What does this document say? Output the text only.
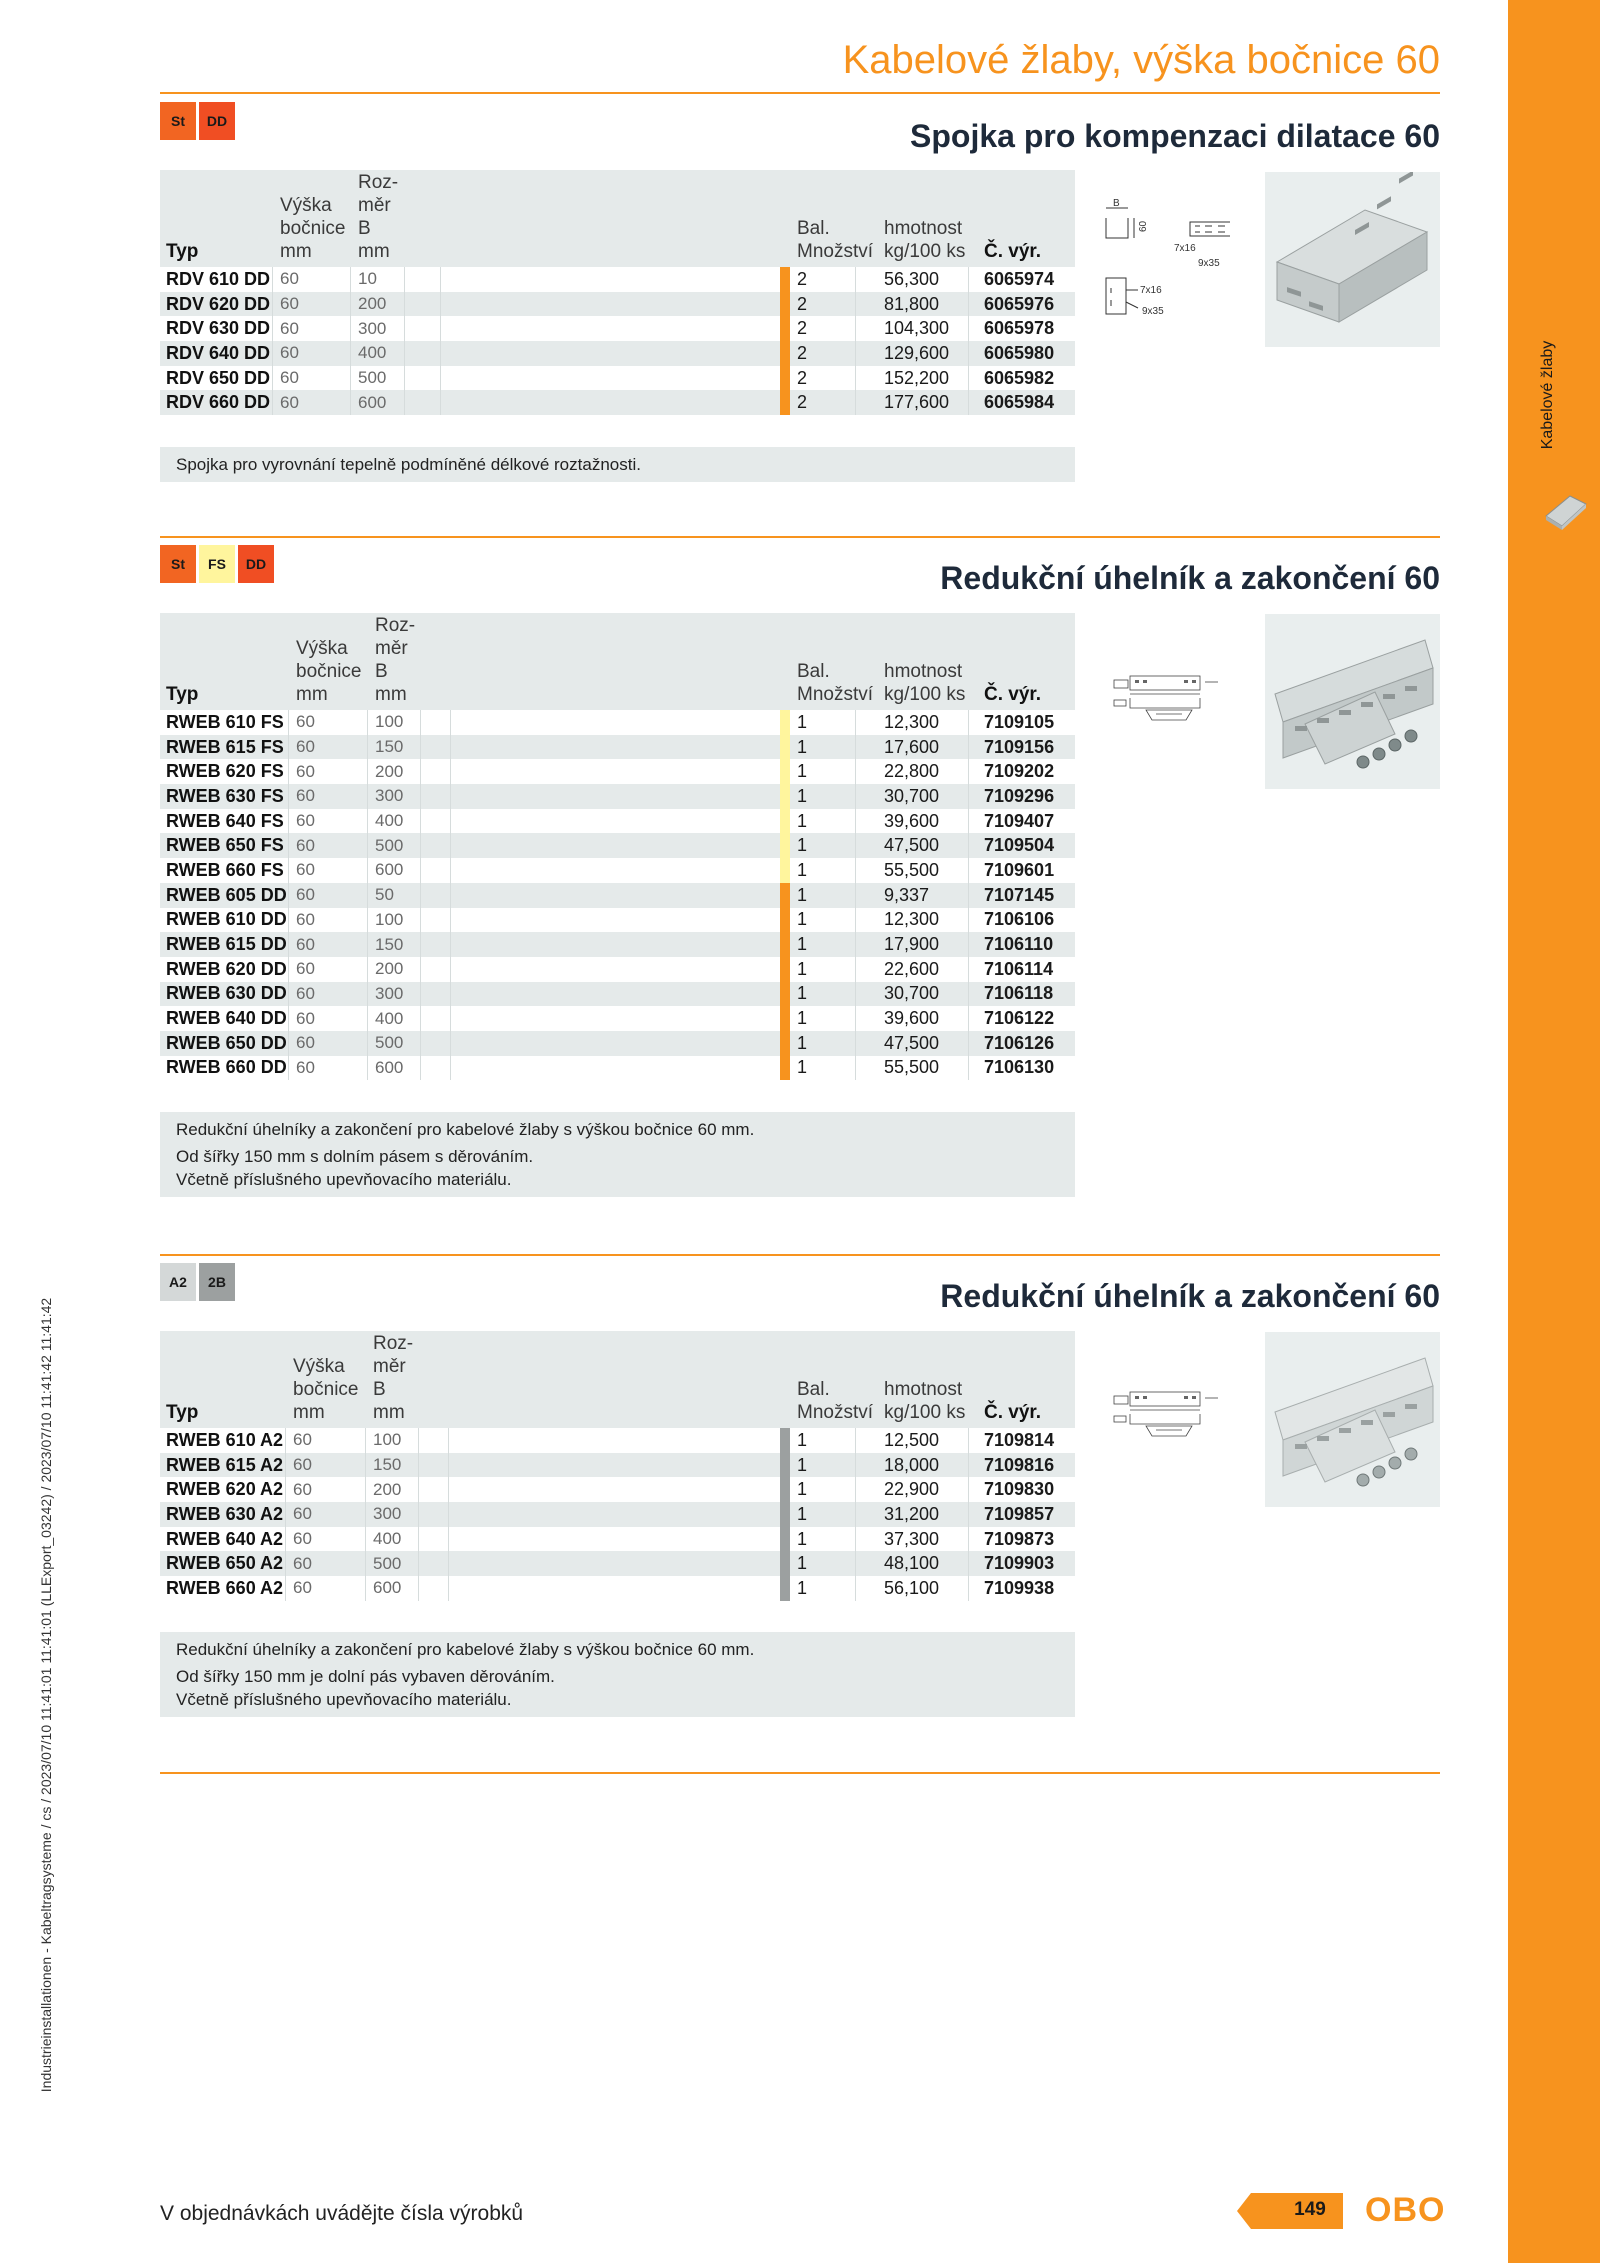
Kabelové žlaby
Industrieinstallationen - Kabeltragsysteme / cs / 2023/07/10 11:41:01 11:41:01 (LLExport_03242) / 2023/07/10 11:41:42 11:41:42
Kabelové žlaby, výška bočnice 60
St	DD	Spojka pro kompenzaci dilatace 60
Výška
bočnice
mm
Roz-
měr
B
mm
Bal.
Množství
hmotnost
kg/100 ks
Typ	Č. výr.
RDV 610 DD 60	10	2	56,300 6065974
RDV 620 DD 60	200	2	81,800 6065976
RDV 630 DD 60	300	2	104,300 6065978
RDV 640 DD 60	400	2	129,600 6065980
RDV 650 DD 60	500	2	152,200 6065982
RDV 660 DD 60	600	2	177,600 6065984

Spojka pro vyrovnání tepelně podmíněné délkové roztažnosti.

B
60
7x16
9x35
7x16
9x35
St	FS	DD	Redukční úhelník a zakončení 60
Výška
bočnice
mm
Roz-
měr
B
mm
Bal.
Množství
hmotnost
kg/100 ks
Typ	Č. výr.
RWEB 610 FS 60	100	1	12,300 7109105
RWEB 615 FS 60	150	1	17,600 7109156
RWEB 620 FS 60	200	1	22,800 7109202
RWEB 630 FS 60	300	1	30,700 7109296
RWEB 640 FS 60	400	1	39,600 7109407
RWEB 650 FS 60	500	1	47,500 7109504
RWEB 660 FS 60	600	1	55,500 7109601
RWEB 605 DD 60	50	1	9,337	7107145
RWEB 610 DD 60	100	1	12,300 7106106
RWEB 615 DD 60	150	1	17,900 7106110
RWEB 620 DD 60	200	1	22,600 7106114
RWEB 630 DD 60	300	1	30,700 7106118
RWEB 640 DD 60	400	1	39,600 7106122
RWEB 650 DD 60	500	1	47,500 7106126
RWEB 660 DD 60	600	1	55,500 7106130

Redukční úhelníky a zakončení pro kabelové žlaby s výškou bočnice 60 mm.

Od šířky 150 mm s dolním pásem s děrováním.

Včetně příslušného upevňovacího materiálu.

A2	2B	Redukční úhelník a zakončení 60
Výška
bočnice
mm
Roz-
měr
B
mm
Bal.
Množství
hmotnost
kg/100 ks
Typ	Č. výr.
RWEB 610 A2 60	100	1	12,500 7109814
RWEB 615 A2 60	150	1	18,000 7109816
RWEB 620 A2 60	200	1	22,900 7109830
RWEB 630 A2 60	300	1	31,200 7109857
RWEB 640 A2 60	400	1	37,300 7109873
RWEB 650 A2 60	500	1	48,100 7109903
RWEB 660 A2 60	600	1	56,100 7109938

Redukční úhelníky a zakončení pro kabelové žlaby s výškou bočnice 60 mm.

Od šířky 150 mm je dolní pás vybaven děrováním.

Včetně příslušného upevňovacího materiálu.

V objednávkách uvádějte čísla výrobků	149 OBO
